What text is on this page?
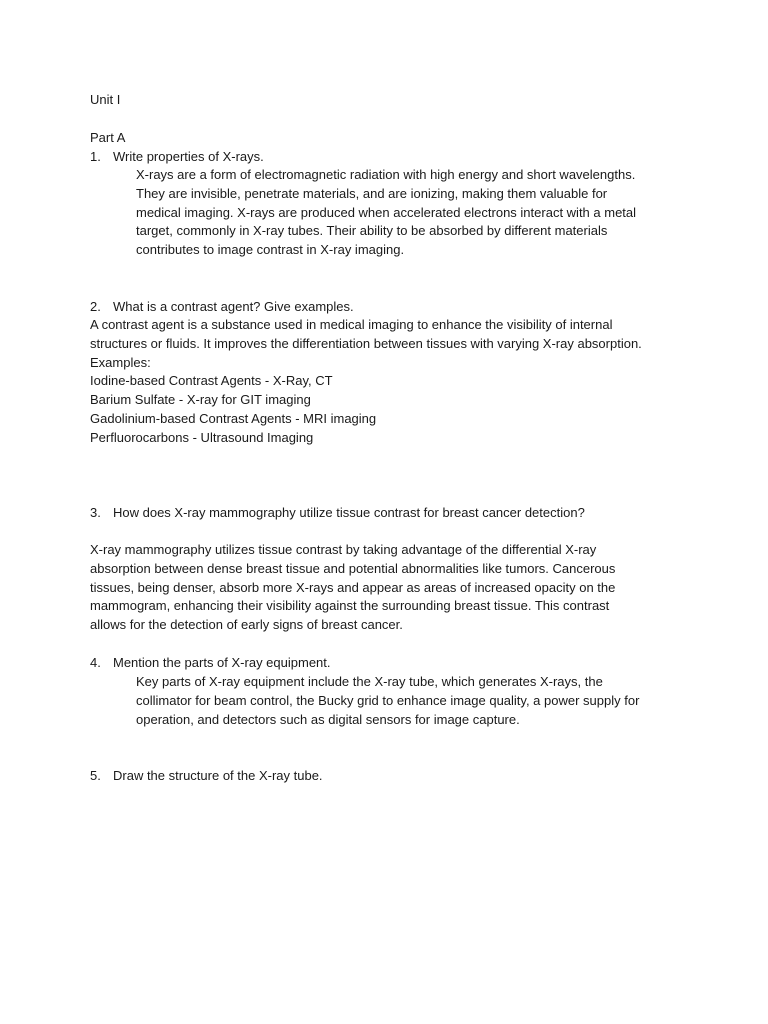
Unit I
Part A
1. Write properties of X-rays.
X-rays are a form of electromagnetic radiation with high energy and short wavelengths.
They are invisible, penetrate materials, and are ionizing, making them valuable for
medical imaging. X-rays are produced when accelerated electrons interact with a metal
target, commonly in X-ray tubes. Their ability to be absorbed by different materials
contributes to image contrast in X-ray imaging.
2. What is a contrast agent? Give examples.
A contrast agent is a substance used in medical imaging to enhance the visibility of internal
structures or fluids. It improves the differentiation between tissues with varying X-ray absorption.
Examples:
Iodine-based Contrast Agents - X-Ray, CT
Barium Sulfate - X-ray for GIT imaging
Gadolinium-based Contrast Agents - MRI imaging
Perfluorocarbons - Ultrasound Imaging
3. How does X-ray mammography utilize tissue contrast for breast cancer detection?
X-ray mammography utilizes tissue contrast by taking advantage of the differential X-ray
absorption between dense breast tissue and potential abnormalities like tumors. Cancerous
tissues, being denser, absorb more X-rays and appear as areas of increased opacity on the
mammogram, enhancing their visibility against the surrounding breast tissue. This contrast
allows for the detection of early signs of breast cancer.
4. Mention the parts of X-ray equipment.
Key parts of X-ray equipment include the X-ray tube, which generates X-rays, the
collimator for beam control, the Bucky grid to enhance image quality, a power supply for
operation, and detectors such as digital sensors for image capture.
5. Draw the structure of the X-ray tube.
